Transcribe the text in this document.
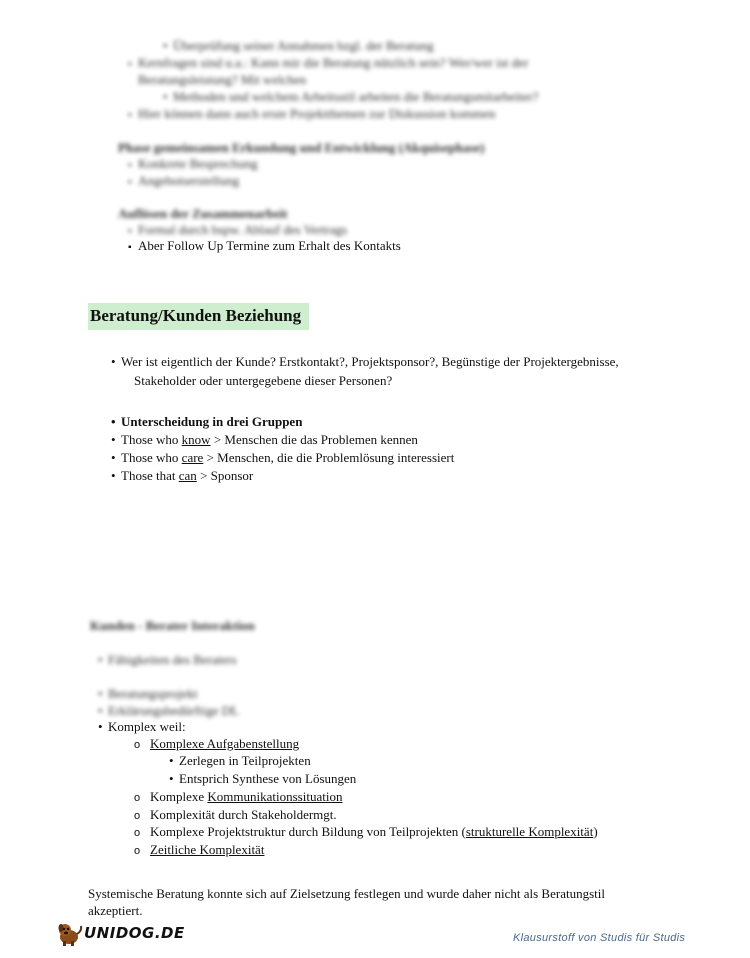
• Überprüfung seiner Annahmen bzgl. der Beratung
▪ Kernfragen sind u.a.: Kann mir die Beratung nützlich sein? Wer/wer ist der
Beratungsleistung? Mit welchen
• Methoden und welchem Arbeitsstil arbeiten die Beratungsmitarbeiter?
▪ Hier können dann auch erste Projektthemen zur Diskussion kommen
Phase gemeinsamen Erkundung und Entwicklung (Akquisephase)
▪ Konkrete Besprechung
▪ Angebotserstellung
Auflösen der Zusammenarbeit
▪ Formal durch bspw. Ablauf des Vertrags
▪ Aber Follow Up Termine zum Erhalt des Kontakts
Beratung/Kunden Beziehung
• Wer ist eigentlich der Kunde? Erstkontakt?, Projektsponsor?, Begünstige der Projektergebnisse,
Stakeholder oder untergegebene dieser Personen?
• Unterscheidung in drei Gruppen
• Those who know > Menschen die das Problemen kennen
• Those who care > Menschen, die die Problemlösung interessiert
• Those that can > Sponsor
Kunden - Berater Interaktion
• Fähigkeiten des Beraters
• Beratungsprojekt
• Erklärungsbedürftige DL
• Komplex weil:
o Komplexe Aufgabenstellung
• Zerlegen in Teilprojekten
• Entsprich Synthese von Lösungen
o Komplexe Kommunikationssituation
o Komplexität durch Stakeholdermgt.
o Komplexe Projektstruktur durch Bildung von Teilprojekten (strukturelle Komplexität)
o Zeitliche Komplexität
Systemische Beratung konnte sich auf Zielsetzung festlegen und wurde daher nicht als Beratungstil
akzeptiert.
UNIDOG.DE	Klausurstoff von Studis für Studis
